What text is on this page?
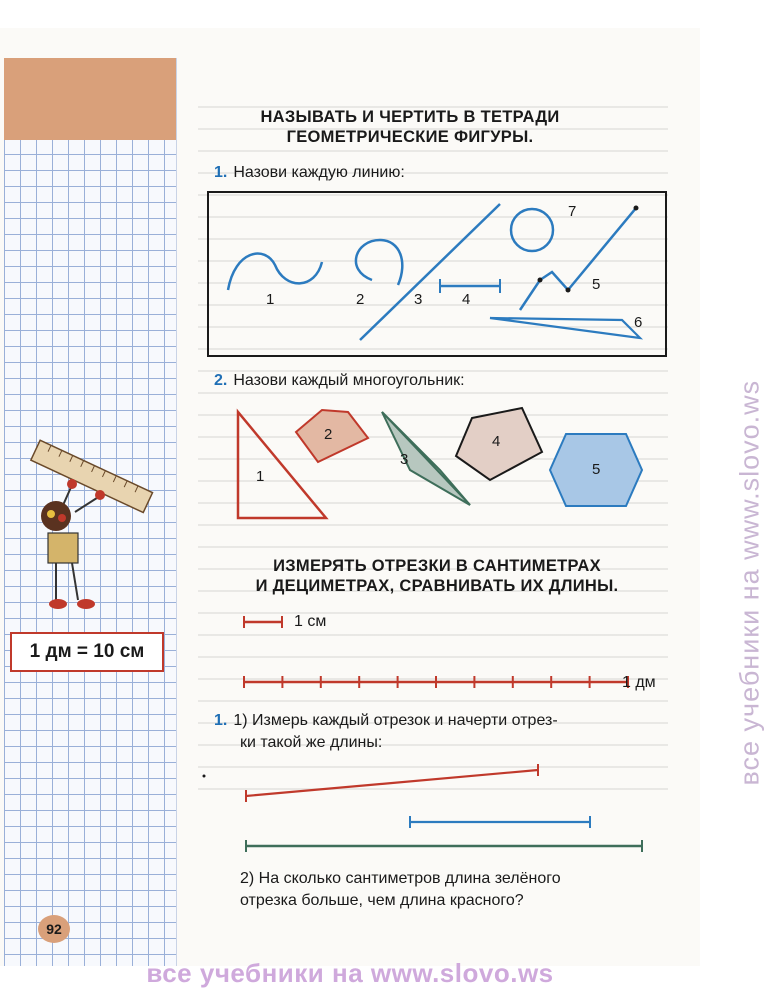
1 дм = 10 см
92
НАЗЫВАТЬ И ЧЕРТИТЬ В ТЕТРАДИ
ГЕОМЕТРИЧЕСКИЕ ФИГУРЫ.
1. Назови каждую линию:
1	2	3	4
5
6
7
2. Назови каждый многоугольник:
1
2
3
4
5
ИЗМЕРЯТЬ ОТРЕЗКИ В САНТИМЕТРАХ
И ДЕЦИМЕТРАХ, СРАВНИВАТЬ ИХ ДЛИНЫ.
1 см
1 дм
1. 1) Измерь каждый отрезок и начерти отрез-
ки такой же длины:
2) На сколько сантиметров длина зелёного
отрезка больше, чем длина красного?
все учебники на www.slovo.ws
все учебники на www.slovo.ws
